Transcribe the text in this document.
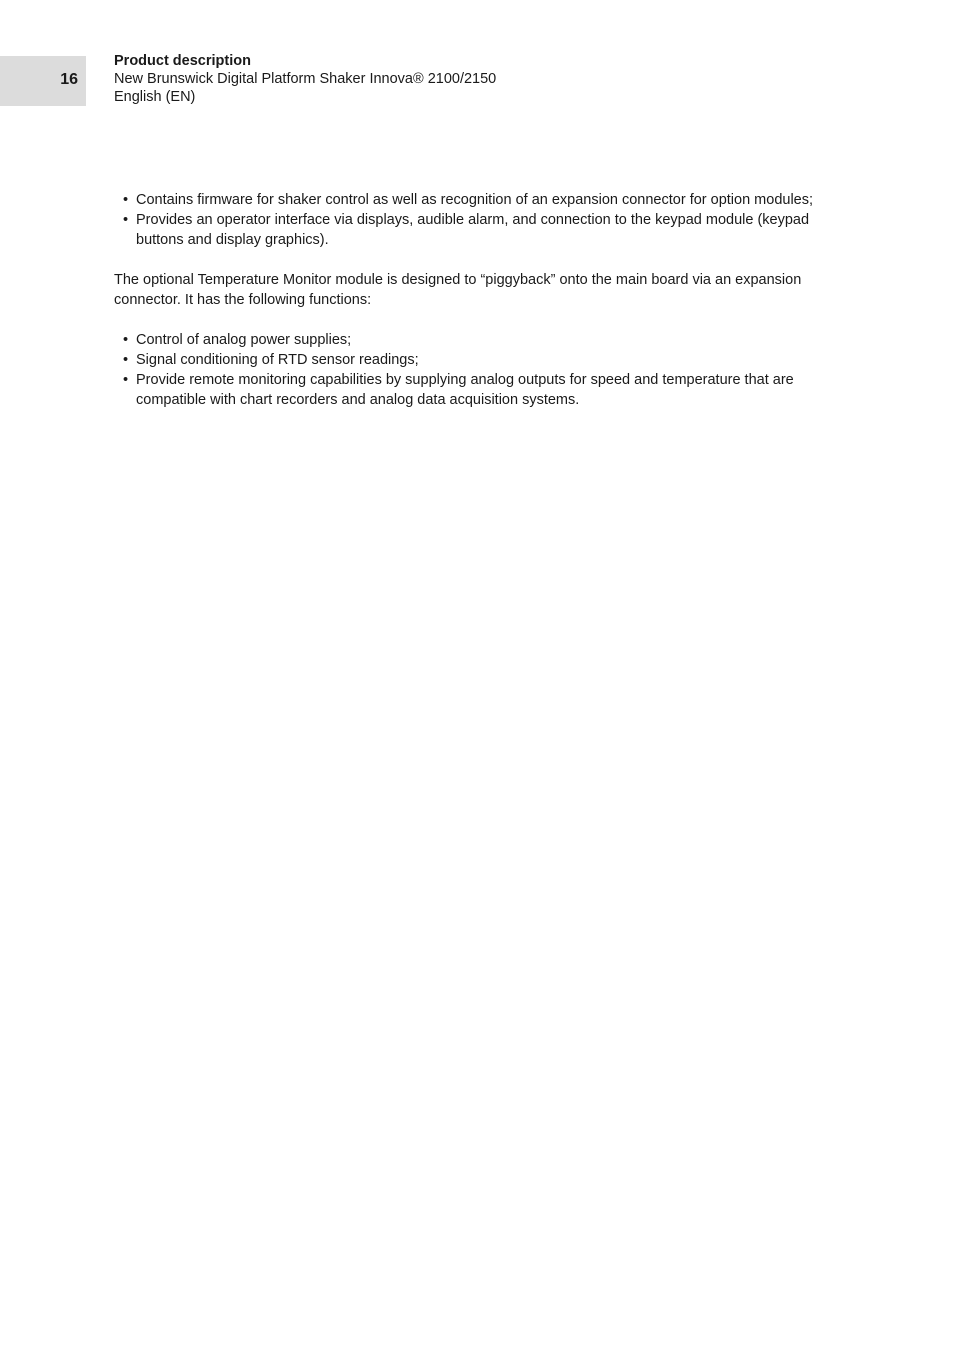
16
Product description
New Brunswick Digital Platform Shaker Innova® 2100/2150
English (EN)
• Contains firmware for shaker control as well as recognition of an expansion connector for option modules;
• Provides an operator interface via displays, audible alarm, and connection to the keypad module (keypad buttons and display graphics).

The optional Temperature Monitor module is designed to “piggyback” onto the main board via an expansion connector. It has the following functions:

• Control of analog power supplies;
• Signal conditioning of RTD sensor readings;
• Provide remote monitoring capabilities by supplying analog outputs for speed and temperature that are compatible with chart recorders and analog data acquisition systems.
